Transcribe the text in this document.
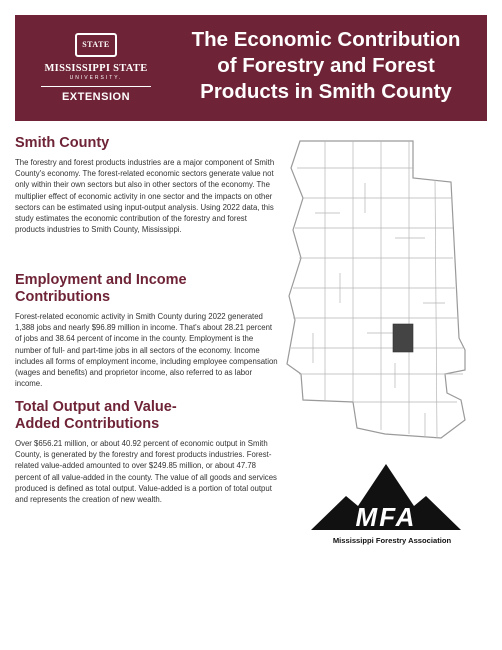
STATE
MISSISSIPPI STATE
UNIVERSITY.
EXTENSION
The Economic Contribution
of Forestry and Forest
Products in Smith County
Smith County

The forestry and forest products industries are a major component of Smith County's economy. The forest-related economic sectors generate value not only within their own sectors but also in other sectors of the economy. The multiplier effect of economic activity in one sector and the impacts on other sectors can be estimated using input-output analysis. Using 2022 data, this study estimates the economic contribution of the forestry and forest products industries to Smith County, Mississippi.

Employment and Income Contributions

Forest-related economic activity in Smith County during 2022 generated 1,388 jobs and nearly $96.89 million in income. That's about 28.21 percent of jobs and 38.64 percent of income in the county. Employment is the number of full- and part-time jobs in all sectors of the economy. Income includes all forms of employment income, including employee compensation (wages and benefits) and proprietor income, also referred to as labor income.

Total Output and Value-
Added Contributions

Over $656.21 million, or about 40.92 percent of economic output in Smith County, is generated by the forestry and forest products industries. Forest-related value-added amounted to over $249.85 million, or about 47.78 percent of all value-added in the county. The value of all goods and services produced is defined as total output. Value-added is a portion of total output and represents the creation of new wealth.

MFA
Mississippi Forestry Association
